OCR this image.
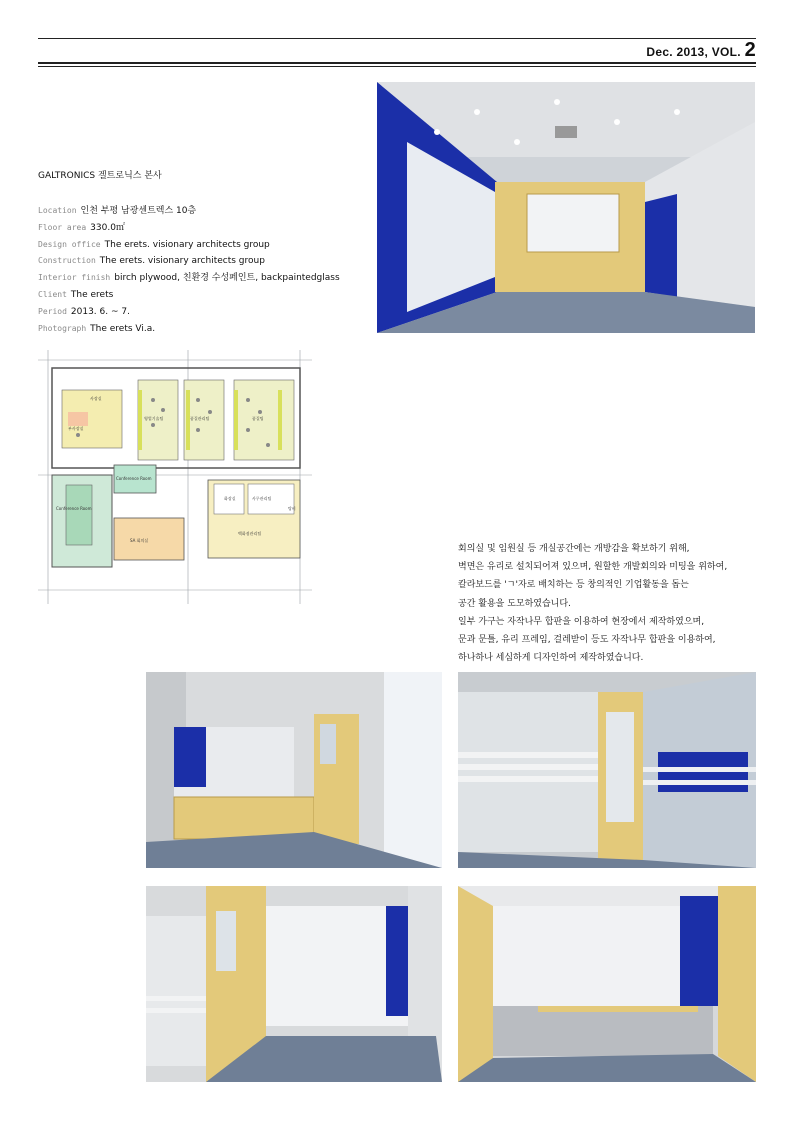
Dec. 2013, VOL. 2
GALTRONICS 겔트로닉스 본사
Location 인천 부평 남광센트렉스 10층
Floor area 330.0㎡
Design office The erets. visionary architects group
Construction The erets. visionary architects group
Interior finish birch plywood, 친환경 수성페인트, backpaintedglass
Client The erets
Period 2013. 6. ~ 7.
Photograph The erets Vi.a.
사장실
부사장실
영업기술팀	품질관리팀	품질팀
Conference Room
Conference Room
SA 회의실
화장실	사무관리팀
탕비
백화점관리팀
회의실 및 임원실 등 개실공간에는 개방감을 확보하기 위해,
벽면은 유리로 설치되어져 있으며, 원할한 개발회의와 미팅을 위하여,
칼라보드를 'ㄱ'자로 배치하는 등 창의적인 기업활동을 돕는
공간 활용을 도모하였습니다.
일부 가구는 자작나무 합판을 이용하여 현장에서 제작하였으며,
문과 문틀, 유리 프레임, 걸레받이 등도 자작나무 합판을 이용하여,
하나하나 세심하게 디자인하여 제작하였습니다.
